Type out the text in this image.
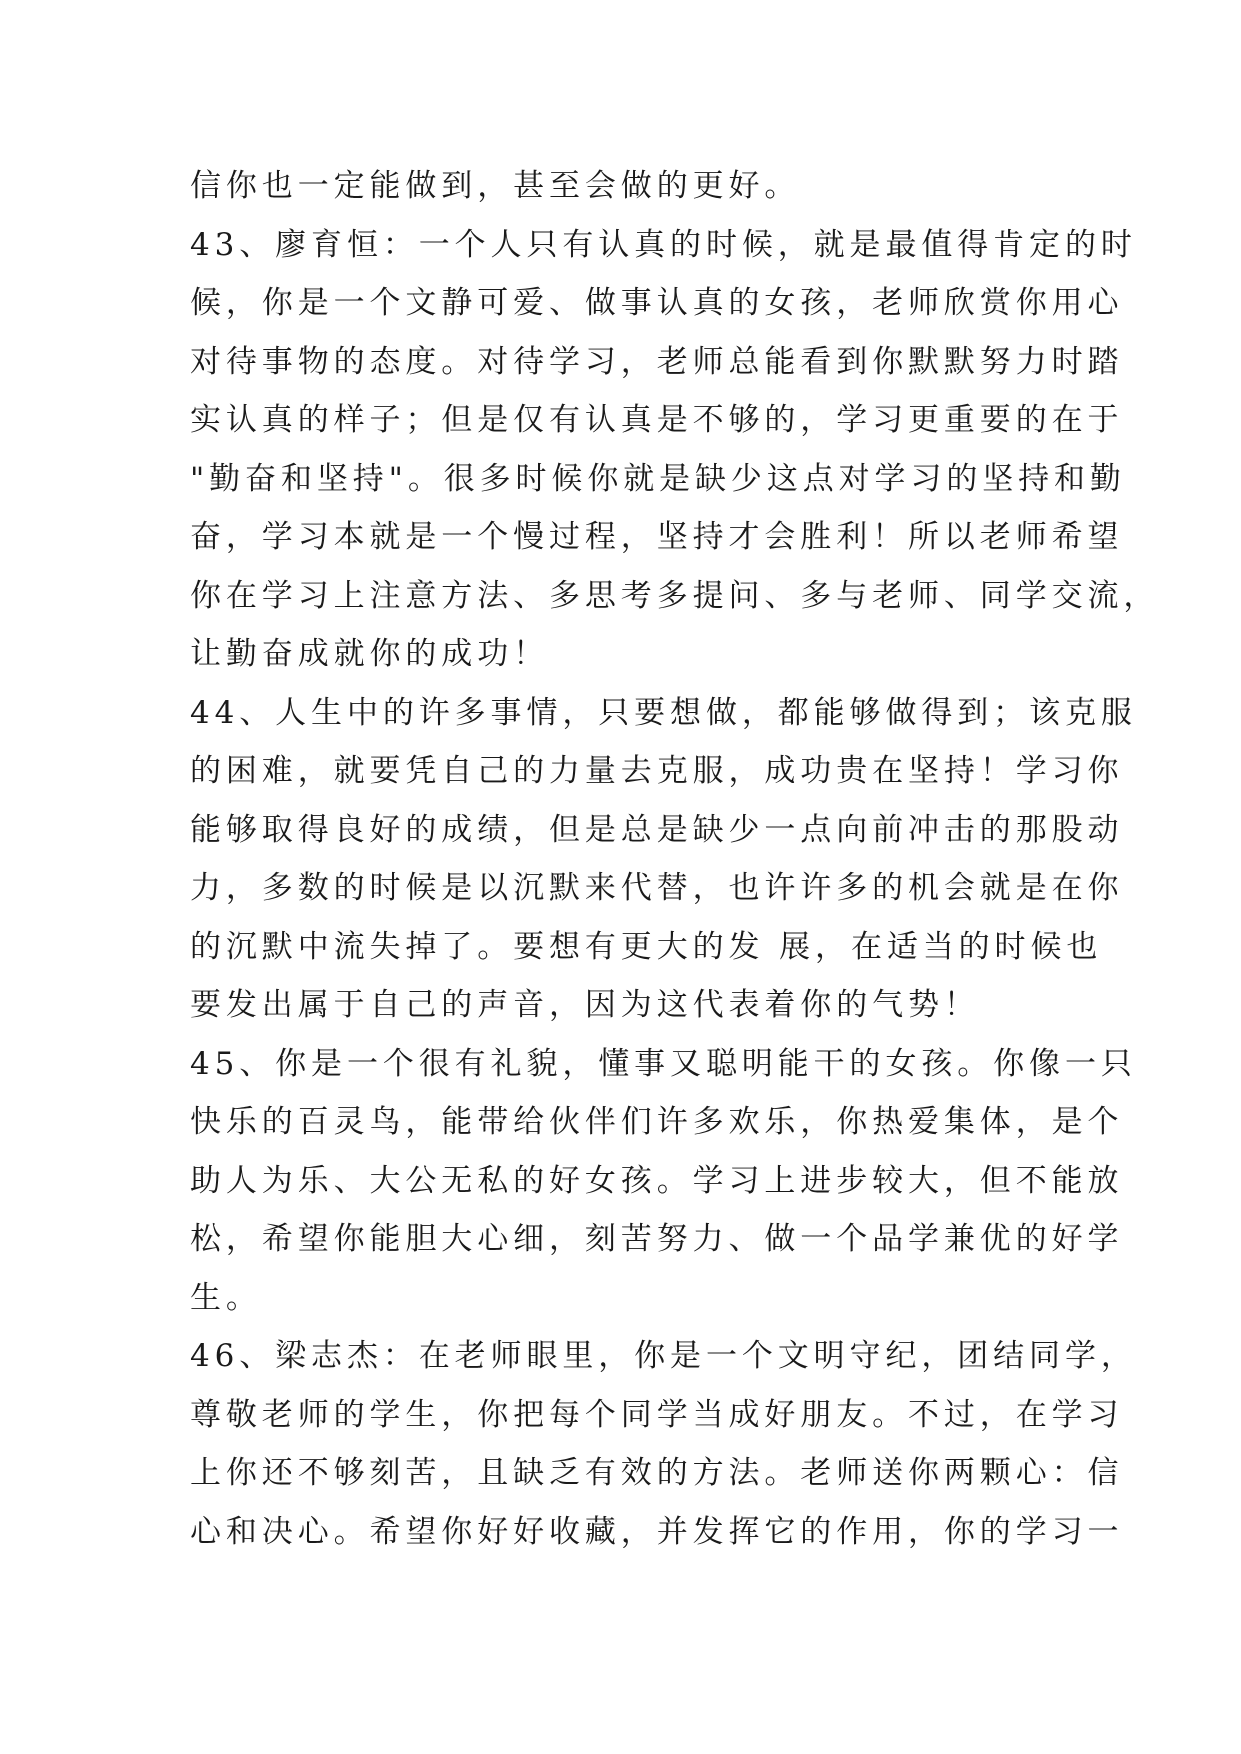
信你也一定能做到，甚至会做的更好。
43、廖育恒：一个人只有认真的时候，就是最值得肯定的时
候，你是一个文静可爱、做事认真的女孩，老师欣赏你用心
对待事物的态度。对待学习，老师总能看到你默默努力时踏
实认真的样子；但是仅有认真是不够的，学习更重要的在于
"勤奋和坚持"。很多时候你就是缺少这点对学习的坚持和勤
奋，学习本就是一个慢过程，坚持才会胜利！所以老师希望
你在学习上注意方法、多思考多提问、多与老师、同学交流，
让勤奋成就你的成功！
44、人生中的许多事情，只要想做，都能够做得到；该克服
的困难，就要凭自己的力量去克服，成功贵在坚持！学习你
能够取得良好的成绩，但是总是缺少一点向前冲击的那股动
力，多数的时候是以沉默来代替，也许许多的机会就是在你
的沉默中流失掉了。要想有更大的发 展，在适当的时候也
要发出属于自己的声音，因为这代表着你的气势！
45、你是一个很有礼貌，懂事又聪明能干的女孩。你像一只
快乐的百灵鸟，能带给伙伴们许多欢乐，你热爱集体，是个
助人为乐、大公无私的好女孩。学习上进步较大，但不能放
松，希望你能胆大心细，刻苦努力、做一个品学兼优的好学
生。
46、梁志杰：在老师眼里，你是一个文明守纪，团结同学，
尊敬老师的学生，你把每个同学当成好朋友。不过，在学习
上你还不够刻苦，且缺乏有效的方法。老师送你两颗心：信
心和决心。希望你好好收藏，并发挥它的作用，你的学习一
